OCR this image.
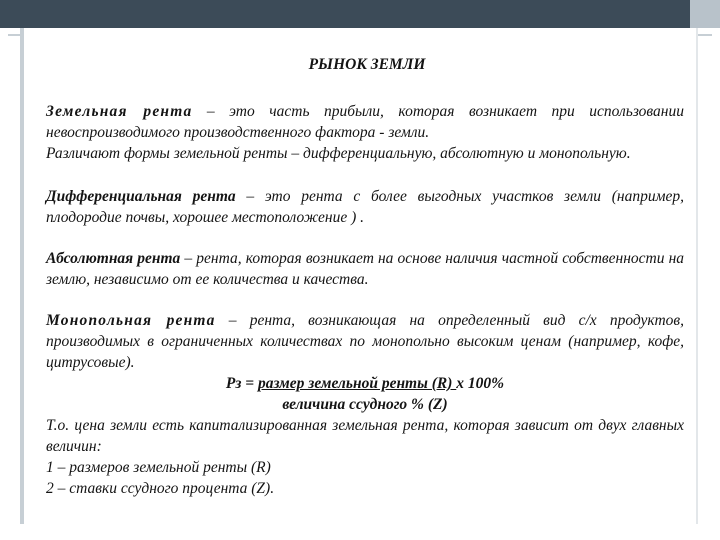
РЫНОК ЗЕМЛИ

Земельная рента – это часть прибыли, которая возникает при использовании невоспроизводимого производственного фактора - земли.

Различают формы земельной ренты – дифференциальную, абсолютную и монопольную.

Дифференциальная рента – это рента с более выгодных участков земли (например, плодородие почвы, хорошее местоположение ) .

Абсолютная рента – рента, которая возникает на основе наличия частной собственности на землю, независимо от ее количества и качества.

Монопольная рента – рента, возникающая на определенный вид с/х продуктов, производимых в ограниченных количествах по монопольно высоким ценам (например, кофе, цитрусовые).

Рз = размер земельной ренты (R) х 100%
величина ссудного % (Z)

Т.о. цена земли есть капитализированная земельная рента, которая зависит от двух главных величин:

1 – размеров земельной ренты (R)
2 – ставки ссудного процента (Z).
